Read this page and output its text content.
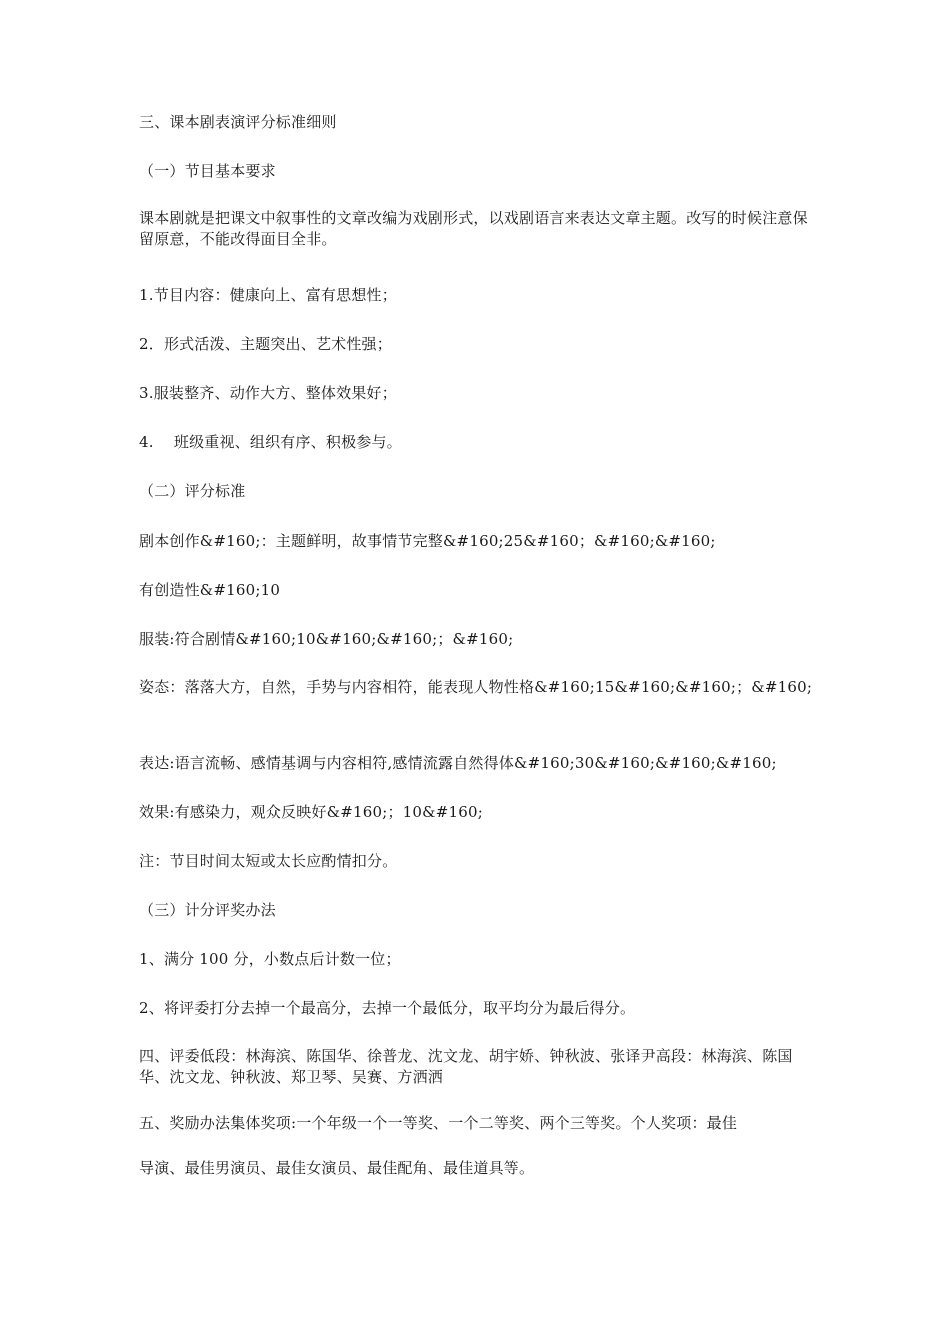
三、课本剧表演评分标准细则
（一）节目基本要求
课本剧就是把课文中叙事性的文章改编为戏剧形式，以戏剧语言来表达文章主题。改写的时候注意保留原意，不能改得面目全非。
1.节目内容：健康向上、富有思想性；
2．形式活泼、主题突出、艺术性强；
3.服装整齐、动作大方、整体效果好；
4.　 班级重视、组织有序、积极参与。
（二）评分标准
剧本创作&#160;：主题鲜明，故事情节完整&#160;25&#160；&#160;&#160;
有创造性&#160;10
服装:符合剧情&#160;10&#160;&#160;；&#160;
姿态：落落大方，自然，手势与内容相符，能表现人物性格&#160;15&#160;&#160;；&#160;
表达:语言流畅、感情基调与内容相符,感情流露自然得体&#160;30&#160;&#160;&#160;
效果:有感染力，观众反映好&#160;；10&#160;
注：节目时间太短或太长应酌情扣分。
（三）计分评奖办法
1、满分 100 分，小数点后计数一位；
2、将评委打分去掉一个最高分，去掉一个最低分，取平均分为最后得分。
四、评委低段：林海滨、陈国华、徐普龙、沈文龙、胡宇娇、钟秋波、张译尹高段：林海滨、陈国华、沈文龙、钟秋波、郑卫琴、吴赛、方洒洒
五、奖励办法集体奖项:一个年级一个一等奖、一个二等奖、两个三等奖。个人奖项：最佳
导演、最佳男演员、最佳女演员、最佳配角、最佳道具等。
